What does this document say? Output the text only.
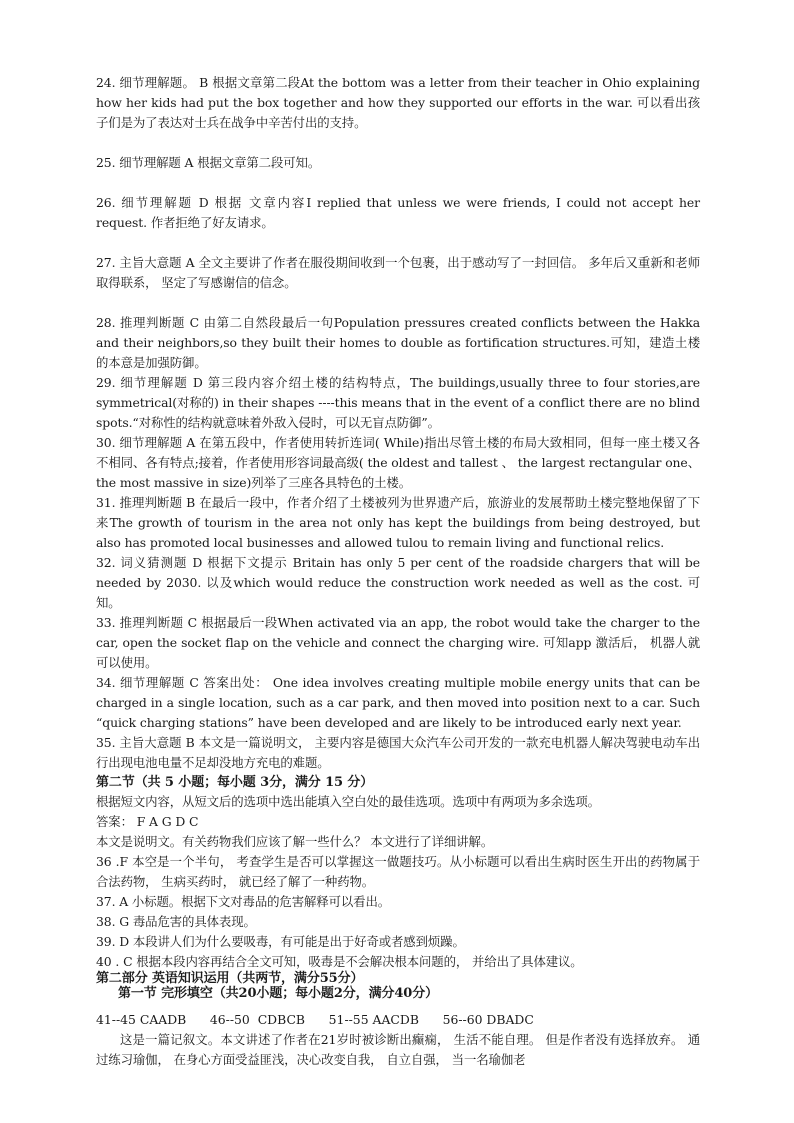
24. 细节理解题。 B 根据文章第二段At the bottom was a letter from their teacher in Ohio explaining how her kids had put the box together and how they supported our efforts in the war. 可以看出孩子们是为了表达对士兵在战争中辛苦付出的支持。

25. 细节理解题 A 根据文章第二段可知。

26. 细节理解题 D 根据 文章内容I replied that unless we were friends, I could not accept her request. 作者拒绝了好友请求。

27. 主旨大意题 A 全文主要讲了作者在服役期间收到一个包裹，出于感动写了一封回信。 多年后又重新和老师取得联系， 坚定了写感谢信的信念。

28. 推理判断题 C 由第二自然段最后一句Population pressures created conflicts between the Hakka and their neighbors,so they built their homes to double as fortification structures.可知，建造土楼的本意是加强防御。

29. 细节理解题 D 第三段内容介绍土楼的结构特点，The buildings,usually three to four stories,are symmetrical(对称的) in their shapes ----this means that in the event of a conflict there are no blind spots.“对称性的结构就意味着外敌入侵时，可以无盲点防御”。

30. 细节理解题 A 在第五段中，作者使用转折连词( While)指出尽管土楼的布局大致相同，但每一座土楼又各不相同、各有特点;接着，作者使用形容词最高级( the oldest and tallest 、 the largest rectangular one、the most massive in size)列举了三座各具特色的土楼。

31. 推理判断题 B 在最后一段中，作者介绍了土楼被列为世界遗产后，旅游业的发展帮助土楼完整地保留了下来The growth of tourism in the area not only has kept the buildings from being destroyed, but also has promoted local businesses and allowed tulou to remain living and functional relics.

32. 词义猜测题 D 根据下文提示 Britain has only 5 per cent of the roadside chargers that will be needed by 2030. 以及which would reduce the construction work needed as well as the cost. 可知。

33. 推理判断题 C 根据最后一段When activated via an app, the robot would take the charger to the car, open the socket flap on the vehicle and connect the charging wire. 可知app 激活后， 机器人就可以使用。

34. 细节理解题 C 答案出处： One idea involves creating multiple mobile energy units that can be charged in a single location, such as a car park, and then moved into position next to a car. Such “quick charging stations” have been developed and are likely to be introduced early next year.

35. 主旨大意题 B 本文是一篇说明文， 主要内容是德国大众汽车公司开发的一款充电机器人解决驾驶电动车出行出现电池电量不足却没地方充电的难题。

第二节（共 5 小题；每小题 3分，满分 15 分）

根据短文内容，从短文后的选项中选出能填入空白处的最佳选项。选项中有两项为多余选项。

答案： F A G D C

本文是说明文。有关药物我们应该了解一些什么？ 本文进行了详细讲解。

36 .F 本空是一个半句， 考查学生是否可以掌握这一做题技巧。从小标题可以看出生病时医生开出的药物属于合法药物， 生病买药时， 就已经了解了一种药物。

37. A 小标题。根据下文对毒品的危害解释可以看出。

38. G 毒品危害的具体表现。

39. D 本段讲人们为什么要吸毒，有可能是出于好奇或者感到烦躁。

40 . C 根据本段内容再结合全文可知，吸毒是不会解决根本问题的， 并给出了具体建议。

第二部分 英语知识运用（共两节，满分55分）

第一节 完形填空（共20小题；每小题2分，满分40分）

41--45 CAADB 46--50  CDBCB 51--55 AACDB 56--60 DBADC

这是一篇记叙文。本文讲述了作者在21岁时被诊断出癫痫， 生活不能自理。 但是作者没有选择放弃。 通过练习瑜伽， 在身心方面受益匪浅，决心改变自我， 自立自强， 当一名瑜伽老
